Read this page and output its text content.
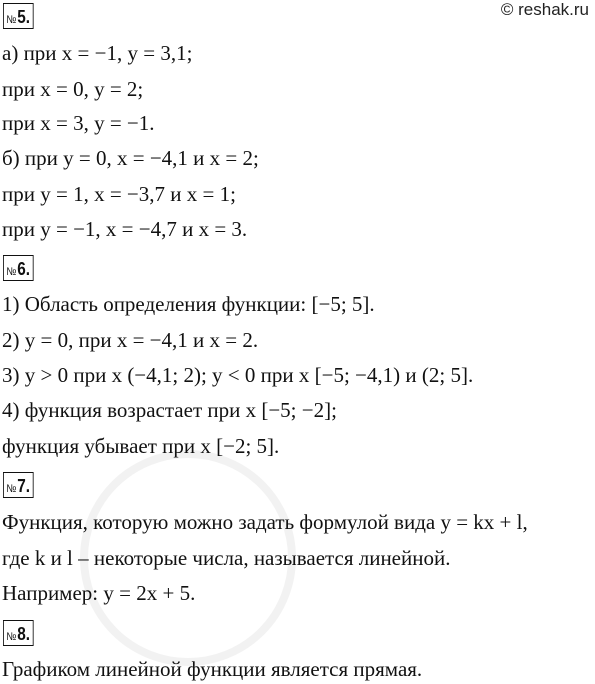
© reshak.ru
№5.
а) при x = −1, y = 3,1;
при x = 0, y = 2;
при x = 3, y = −1.
б) при y = 0, x = −4,1 и x = 2;
при y = 1, x = −3,7 и x = 1;
при y = −1, x = −4,7 и x = 3.
№6.
1) Область определения функции: [−5; 5].
2) y = 0, при x = −4,1 и x = 2.
3) y > 0 при x (−4,1; 2); y < 0 при x [−5; −4,1) и (2; 5].
4) функция возрастает при x [−5; −2];
функция убывает при x [−2; 5].
№7.
Функция, которую можно задать формулой вида y = kx + l,
где k и l – некоторые числа, называется линейной.
Например: y = 2x + 5.
№8.
Графиком линейной функции является прямая.
